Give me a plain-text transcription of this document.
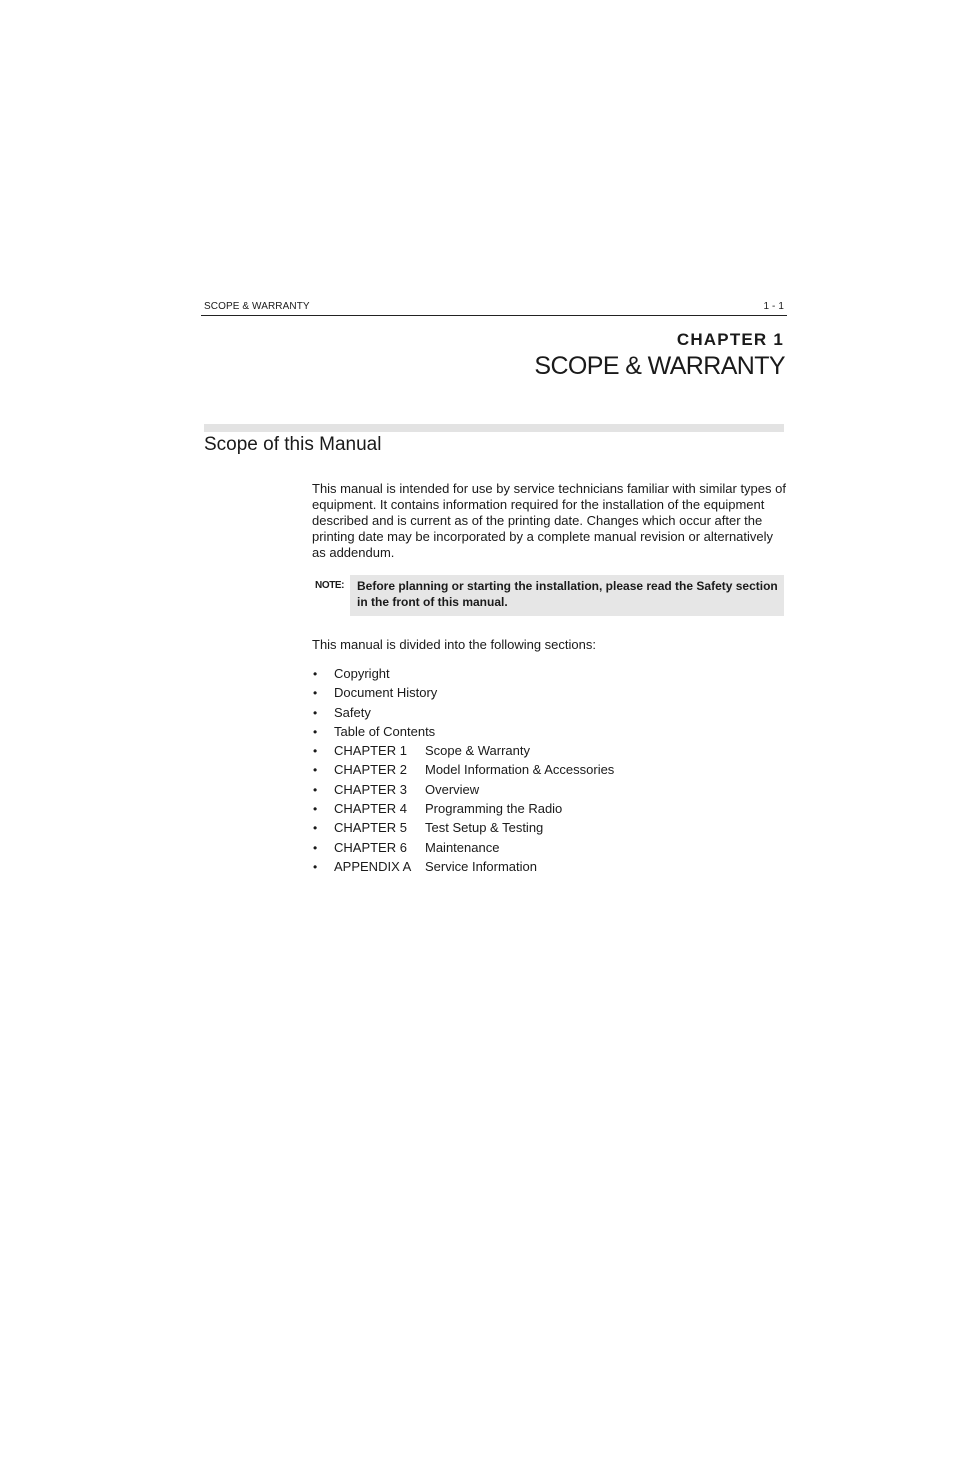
SCOPE & WARRANTY	1 - 1
CHAPTER 1
SCOPE & WARRANTY
Scope of this Manual

This manual is intended for use by service technicians familiar with similar types of equipment. It contains information required for the installation of the equipment described and is current as of the printing date. Changes which occur after the printing date may be incorporated by a complete manual revision or alternatively as addendum.

NOTE: Before planning or starting the installation, please read the Safety section in the front of this manual.

This manual is divided into the following sections:

• Copyright
• Document History
• Safety
• Table of Contents
• CHAPTER 1 Scope & Warranty
• CHAPTER 2 Model Information & Accessories
• CHAPTER 3 Overview
• CHAPTER 4 Programming the Radio
• CHAPTER 5 Test Setup & Testing
• CHAPTER 6 Maintenance
• APPENDIX A Service Information
